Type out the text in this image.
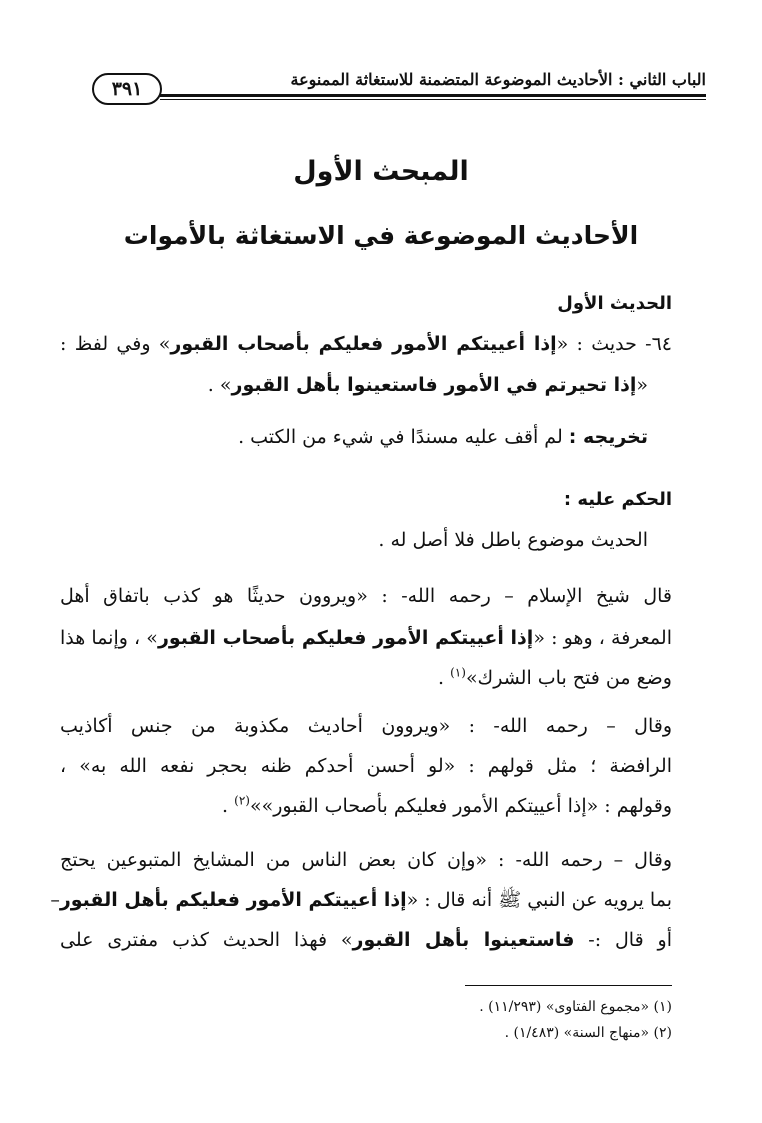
٣٩١	الباب الثاني : الأحاديث الموضوعة المتضمنة للاستغاثة الممنوعة
المبحث الأول
الأحاديث الموضوعة في الاستغاثة بالأموات
الحديث الأول
٦٤- حديث : «إذا أعييتكم الأمور فعليكم بأصحاب القبور» وفي لفظ :
«إذا تحيرتم في الأمور فاستعينوا بأهل القبور» .
تخريجه : لم أقف عليه مسندًا في شيء من الكتب .
الحكم عليه :
الحديث موضوع باطل فلا أصل له .
قال شيخ الإسلام – رحمه الله- : «ويروون حديثًا هو كذب باتفاق أهل
المعرفة ، وهو : «إذا أعييتكم الأمور فعليكم بأصحاب القبور» ، وإنما هذا
وضع من فتح باب الشرك»$^{(١)}$ .
وقال – رحمه الله- : «ويروون أحاديث مكذوبة من جنس أكاذيب
الرافضة ؛ مثل قولهم : «لو أحسن أحدكم ظنه بحجر نفعه الله به» ،
وقولهم : «إذا أعييتكم الأمور فعليكم بأصحاب القبور»»$^{(٢)}$ .
وقال – رحمه الله- : «وإن كان بعض الناس من المشايخ المتبوعين يحتج
بما يرويه عن النبي ﷺ أنه قال : «إذا أعييتكم الأمور فعليكم بأهل القبور–
أو قال :- فاستعينوا بأهل القبور» فهذا الحديث كذب مفترى على
(١) «مجموع الفتاوى» (١١/٢٩٣) .
(٢) «منهاج السنة» (١/٤٨٣) .
